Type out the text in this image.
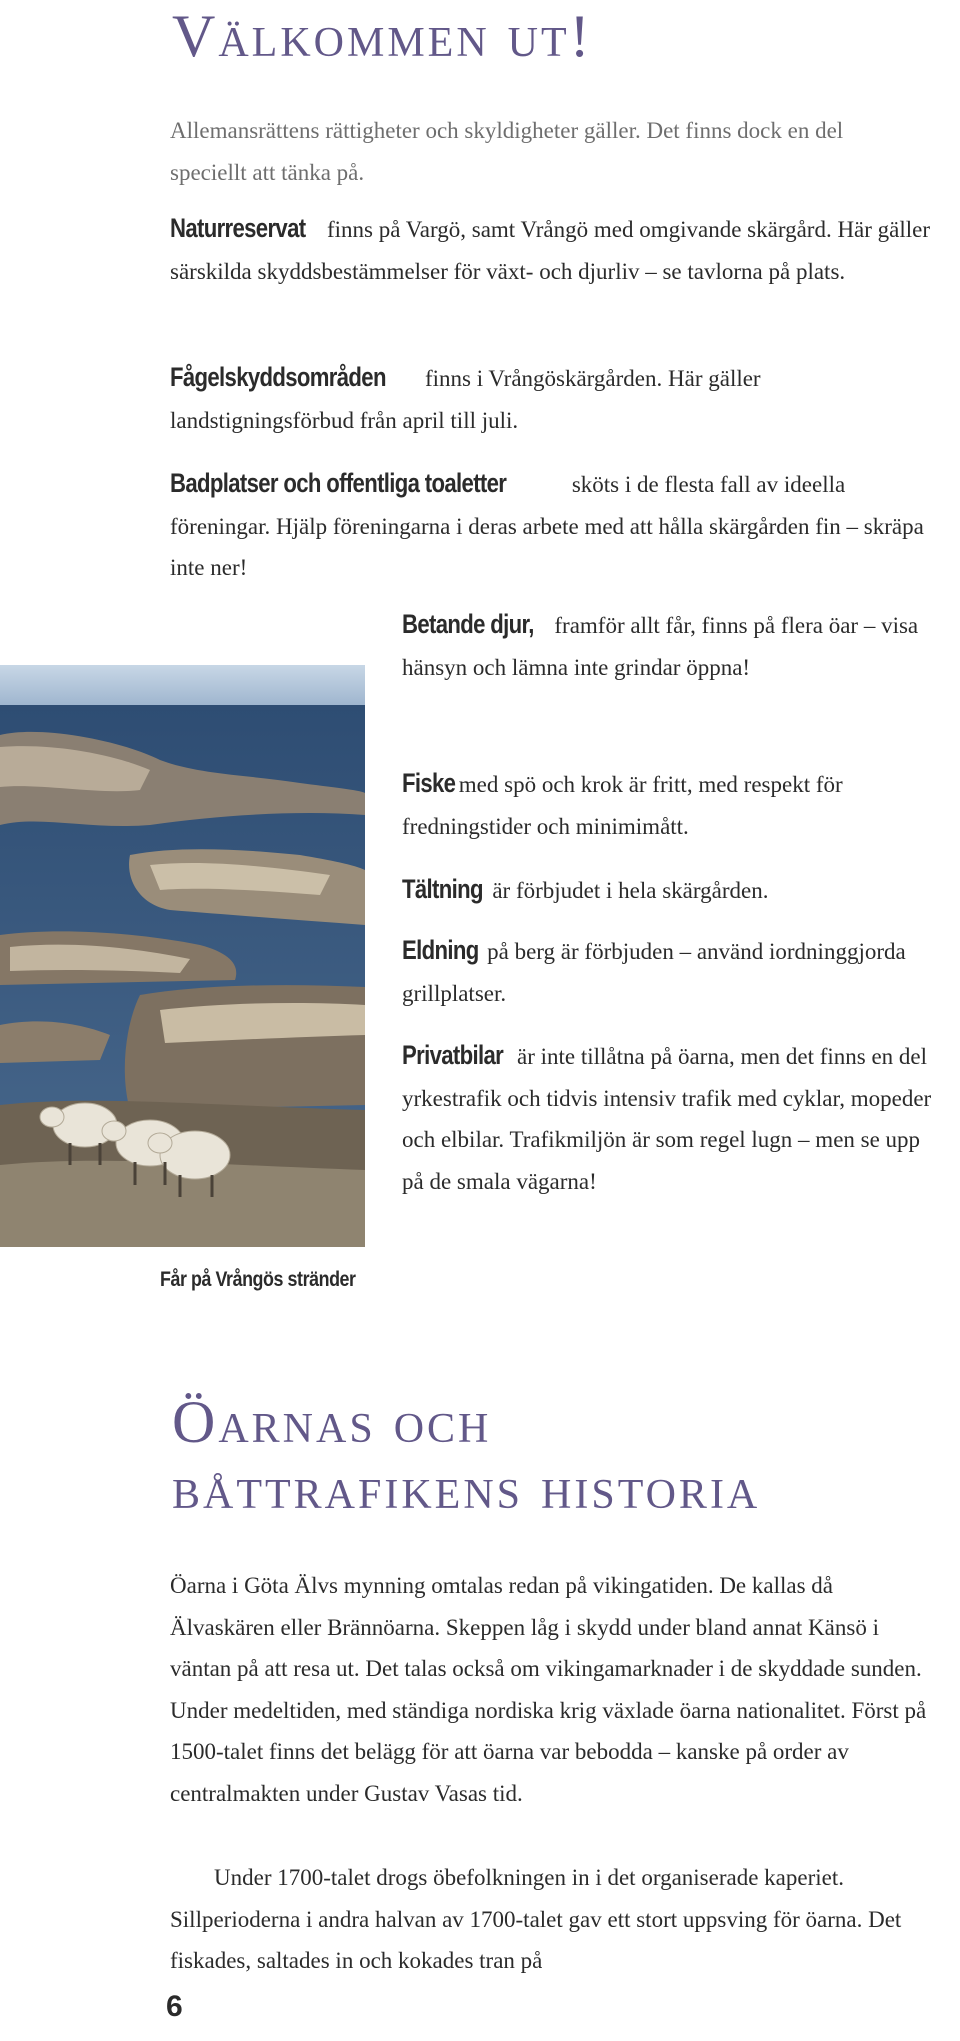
Välkommen ut!

Allemansrättens rättigheter och skyldigheter gäller. Det finns dock en del speciellt att tänka på.

Naturreservat finns på Vargö, samt Vrångö med omgivande skärgård. Här gäller särskilda skyddsbestämmelser för växt- och djurliv – se tavlorna på plats.

Fågelskyddsområden finns i Vrångöskärgården. Här gäller landstigningsförbud från april till juli.

Badplatser och offentliga toaletter	sköts i de flesta fall av ideella föreningar. Hjälp föreningarna i deras arbete med att hålla skärgården fin – skräpa inte ner!

Betande djur, framför allt får, finns på flera öar – visa hänsyn och lämna inte grindar öppna!

Fiske med spö och krok är fritt, med respekt för fredningstider och minimimått.

Tältning är förbjudet i hela skärgården.

Eldning på berg är förbjuden – använd iordninggjorda grillplatser.

Privatbilar är inte tillåtna på öarna, men det finns en del yrkestrafik och tidvis intensiv trafik med cyklar, mopeder och elbilar. Trafikmiljön är som regel lugn – men se upp på de smala vägarna!

Får på Vrångös stränder
Öarnas och
båttrafikens historia

Öarna i Göta Älvs mynning omtalas redan på vikingatiden. De kallas då Älvaskären eller Brännöarna. Skeppen låg i skydd under bland annat Känsö i väntan på att resa ut. Det talas också om vikingamarknader i de skyddade sunden. Under medeltiden, med ständiga nordiska krig växlade öarna nationalitet. Först på 1500-talet finns det belägg för att öarna var bebodda – kanske på order av centralmakten under Gustav Vasas tid.

Under 1700-talet drogs öbefolkningen in i det organiserade kaperiet. Sillperioderna i andra halvan av 1700-talet gav ett stort uppsving för öarna. Det fiskades, saltades in och kokades tran på

6
